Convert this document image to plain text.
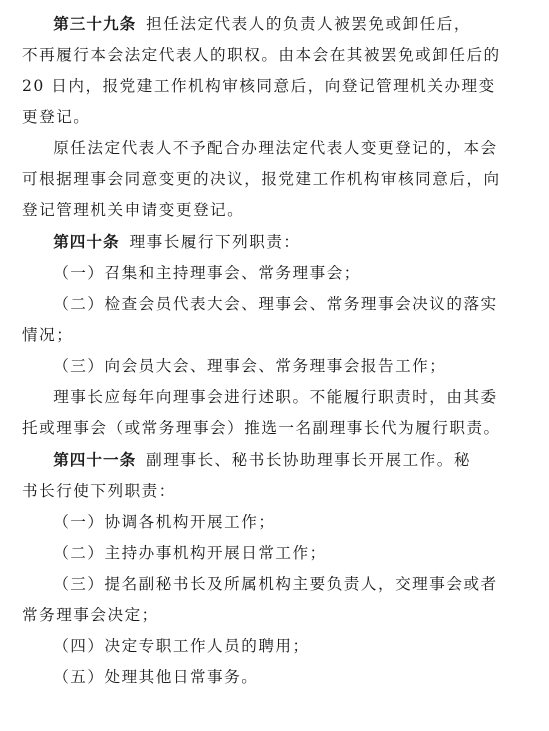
第三十九条 担任法定代表人的负责人被罢免或卸任后，
不再履行本会法定代表人的职权。由本会在其被罢免或卸任后的
20 日内，报党建工作机构审核同意后，向登记管理机关办理变
更登记。

原任法定代表人不予配合办理法定代表人变更登记的，本会
可根据理事会同意变更的决议，报党建工作机构审核同意后，向
登记管理机关申请变更登记。

第四十条 理事长履行下列职责：

（一）召集和主持理事会、常务理事会；

（二）检查会员代表大会、理事会、常务理事会决议的落实
情况；

（三）向会员大会、理事会、常务理事会报告工作；

理事长应每年向理事会进行述职。不能履行职责时，由其委
托或理事会（或常务理事会）推选一名副理事长代为履行职责。

第四十一条 副理事长、秘书长协助理事长开展工作。秘
书长行使下列职责：

（一）协调各机构开展工作；

（二）主持办事机构开展日常工作；

（三）提名副秘书长及所属机构主要负责人，交理事会或者
常务理事会决定；

（四）决定专职工作人员的聘用；

（五）处理其他日常事务。
